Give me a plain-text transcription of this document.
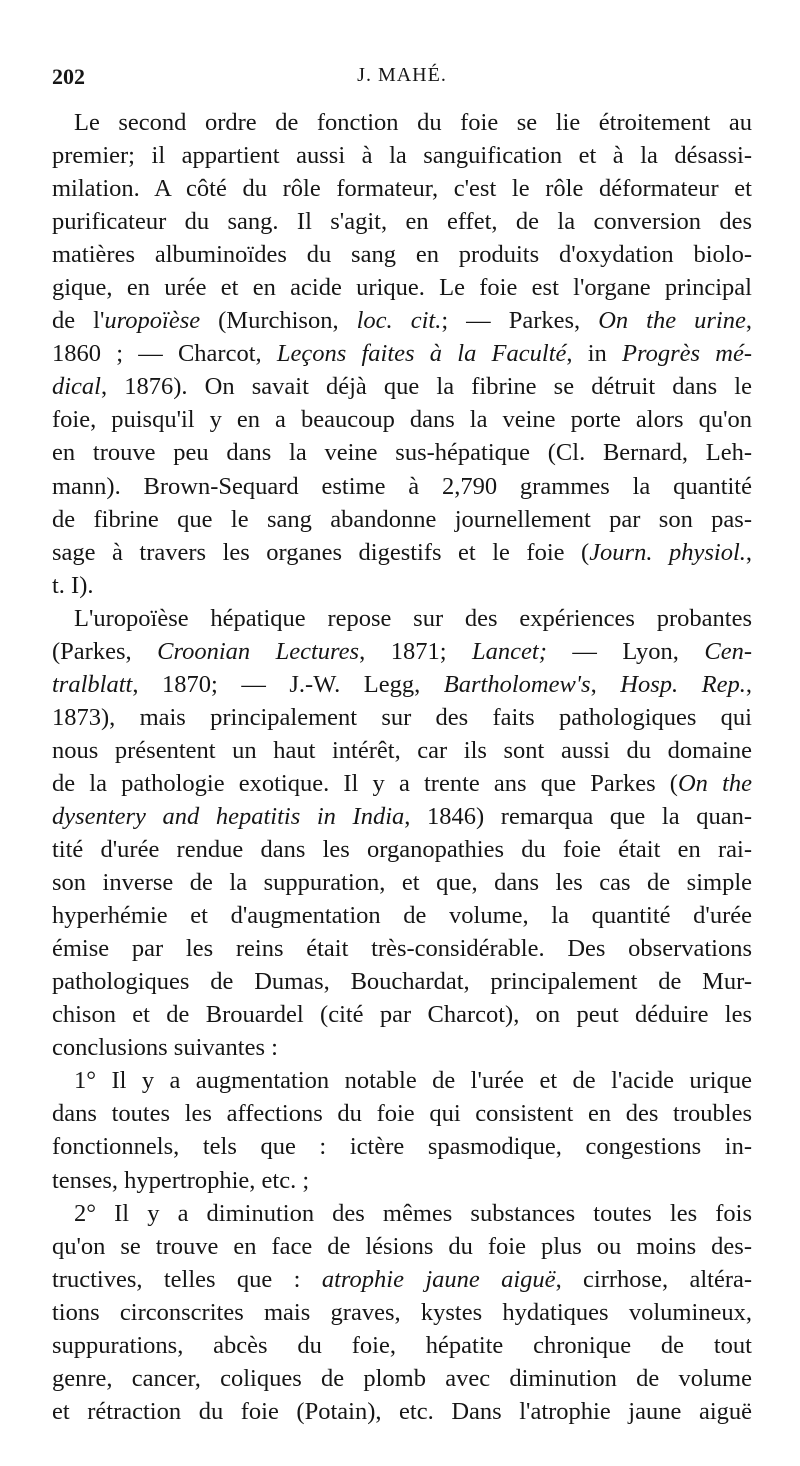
202	J. MAHÉ.
Le second ordre de fonction du foie se lie étroitement au
premier; il appartient aussi à la sanguification et à la désassi-
milation. A côté du rôle formateur, c'est le rôle déformateur et
purificateur du sang. Il s'agit, en effet, de la conversion des
matières albuminoïdes du sang en produits d'oxydation biolo-
gique, en urée et en acide urique. Le foie est l'organe principal
de l'uropoïèse (Murchison, loc. cit.; — Parkes, On the urine,
1860 ; — Charcot, Leçons faites à la Faculté, in Progrès mé-
dical, 1876). On savait déjà que la fibrine se détruit dans le
foie, puisqu'il y en a beaucoup dans la veine porte alors qu'on
en trouve peu dans la veine sus-hépatique (Cl. Bernard, Leh-
mann). Brown-Sequard estime à 2,790 grammes la quantité
de fibrine que le sang abandonne journellement par son pas-
sage à travers les organes digestifs et le foie (Journ. physiol.,
t. I).
L'uropoïèse hépatique repose sur des expériences probantes
(Parkes, Croonian Lectures, 1871; Lancet; — Lyon, Cen-
tralblatt, 1870; — J.-W. Legg, Bartholomew's, Hosp. Rep.,
1873), mais principalement sur des faits pathologiques qui
nous présentent un haut intérêt, car ils sont aussi du domaine
de la pathologie exotique. Il y a trente ans que Parkes (On the
dysentery and hepatitis in India, 1846) remarqua que la quan-
tité d'urée rendue dans les organopathies du foie était en rai-
son inverse de la suppuration, et que, dans les cas de simple
hyperhémie et d'augmentation de volume, la quantité d'urée
émise par les reins était très-considérable. Des observations
pathologiques de Dumas, Bouchardat, principalement de Mur-
chison et de Brouardel (cité par Charcot), on peut déduire les
conclusions suivantes :
1° Il y a augmentation notable de l'urée et de l'acide urique
dans toutes les affections du foie qui consistent en des troubles
fonctionnels, tels que : ictère spasmodique, congestions in-
tenses, hypertrophie, etc. ;
2° Il y a diminution des mêmes substances toutes les fois
qu'on se trouve en face de lésions du foie plus ou moins des-
tructives, telles que : atrophie jaune aiguë, cirrhose, altéra-
tions circonscrites mais graves, kystes hydatiques volumineux,
suppurations, abcès du foie, hépatite chronique de tout
genre, cancer, coliques de plomb avec diminution de volume
et rétraction du foie (Potain), etc. Dans l'atrophie jaune aiguë
